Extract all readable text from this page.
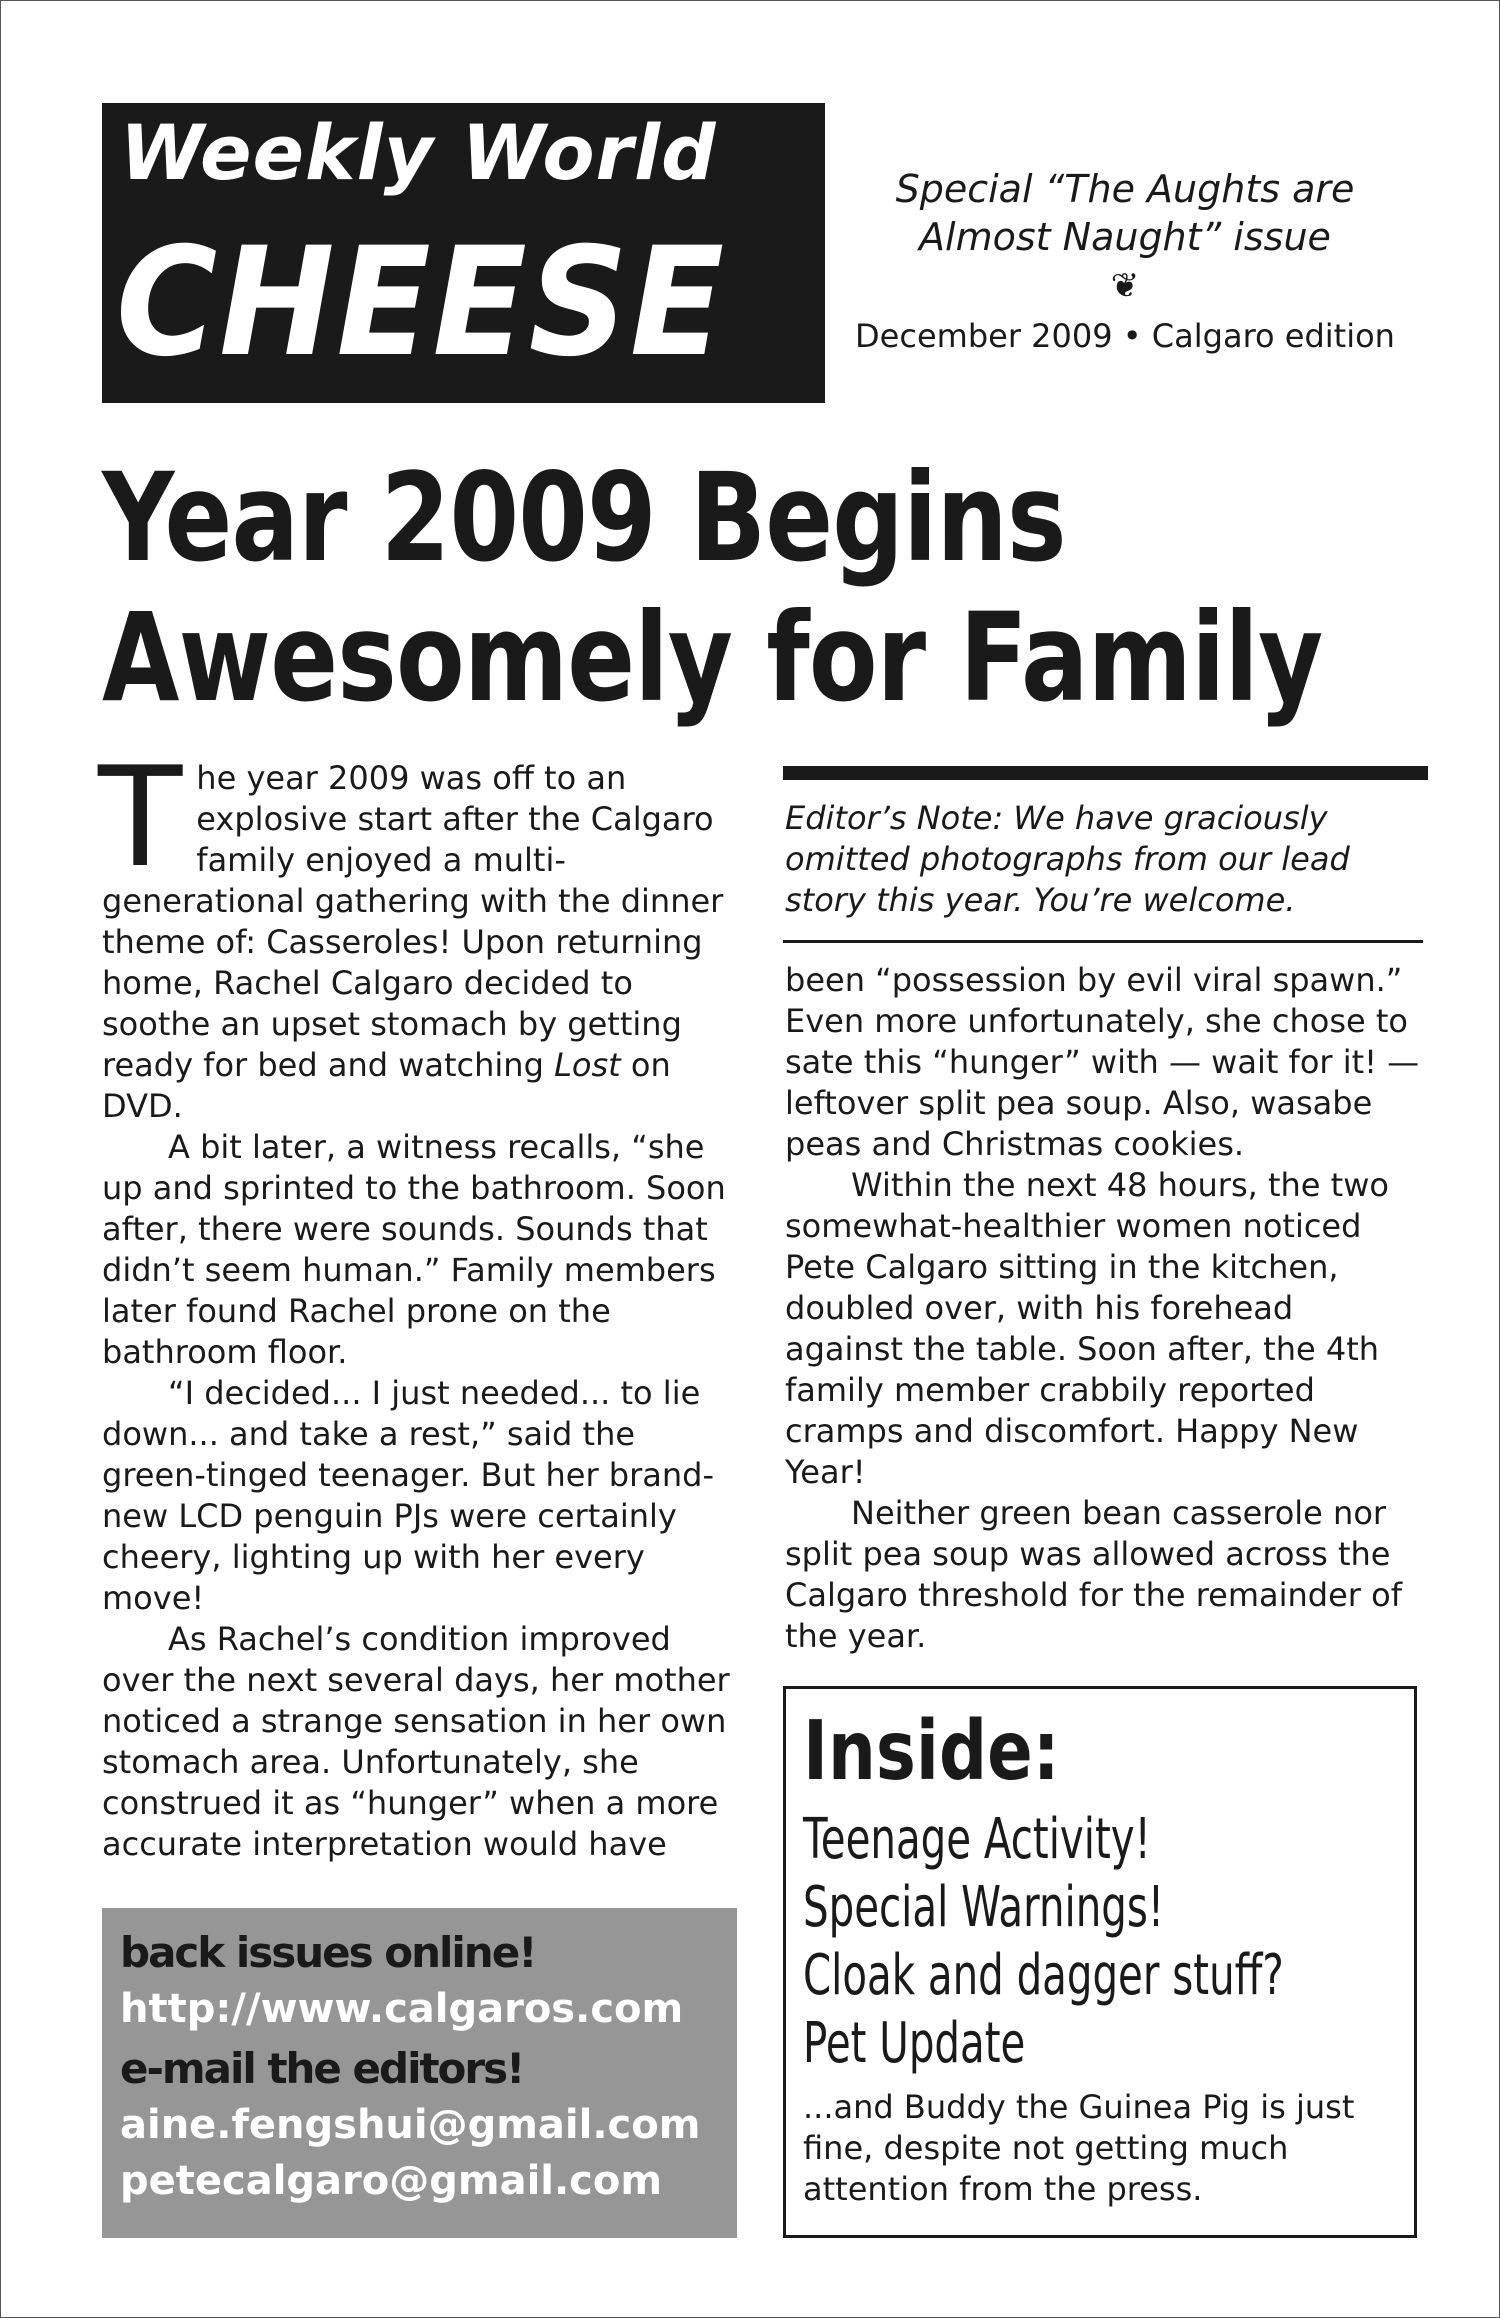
Weekly World
CHEESE
Special “The Aughts are Almost Naught” issue
❦
December 2009 • Calgaro edition
Year 2009 Begins
Awesomely for Family

The year 2009 was off to an explosive start after the Calgaro family enjoyed a multi-generational gathering with the dinner theme of: Casseroles! Upon returning home, Rachel Calgaro decided to soothe an upset stomach by getting ready for bed and watching Lost on DVD.

A bit later, a witness recalls, “she up and sprinted to the bathroom. Soon after, there were sounds. Sounds that didn’t seem human.” Family members later found Rachel prone on the bathroom floor.

“I decided... I just needed... to lie down... and take a rest,” said the green-tinged teenager. But her brand-new LCD penguin PJs were certainly cheery, lighting up with her every move!

As Rachel’s condition improved over the next several days, her mother noticed a strange sensation in her own stomach area. Unfortunately, she construed it as “hunger” when a more accurate interpretation would have

Editor’s Note: We have graciously omitted photographs from our lead story this year. You’re welcome.

been “possession by evil viral spawn.” Even more unfortunately, she chose to sate this “hunger” with — wait for it! — leftover split pea soup. Also, wasabe peas and Christmas cookies.

Within the next 48 hours, the two somewhat-healthier women noticed Pete Calgaro sitting in the kitchen, doubled over, with his forehead against the table. Soon after, the 4th family member crabbily reported cramps and discomfort. Happy New Year!

Neither green bean casserole nor split pea soup was allowed across the Calgaro threshold for the remainder of the year.

back issues online!
http://www.calgaros.com
e-mail the editors!
aine.fengshui@gmail.com
petecalgaro@gmail.com
Inside:
Teenage Activity!
Special Warnings!
Cloak and dagger stuff?
Pet Update
...and Buddy the Guinea Pig is just fine, despite not getting much attention from the press.
